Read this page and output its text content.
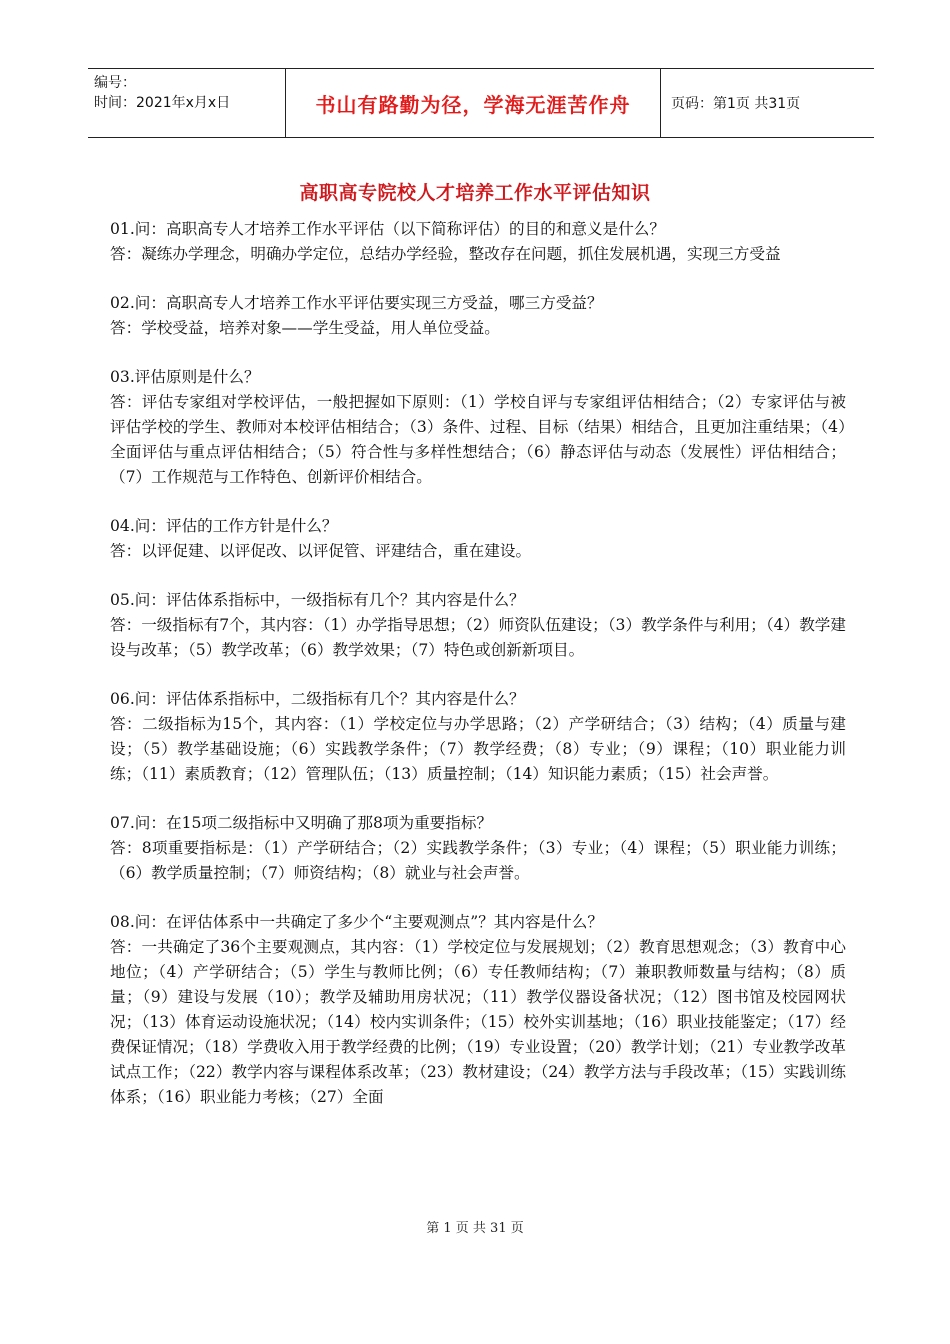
编号：
时间：2021年x月x日	书山有路勤为径，学海无涯苦作舟	页码：第1页 共31页
高职高专院校人才培养工作水平评估知识

01.问：高职高专人才培养工作水平评估（以下简称评估）的目的和意义是什么？

答：凝练办学理念，明确办学定位，总结办学经验，整改存在问题，抓住发展机遇，实现三方受益

02.问：高职高专人才培养工作水平评估要实现三方受益，哪三方受益？

答：学校受益，培养对象——学生受益，用人单位受益。

03.评估原则是什么？

答：评估专家组对学校评估，一般把握如下原则：（1）学校自评与专家组评估相结合；（2）专家评估与被评估学校的学生、教师对本校评估相结合；（3）条件、过程、目标（结果）相结合，且更加注重结果；（4）全面评估与重点评估相结合；（5）符合性与多样性想结合；（6）静态评估与动态（发展性）评估相结合；（7）工作规范与工作特色、创新评价相结合。

04.问：评估的工作方针是什么？

答：以评促建、以评促改、以评促管、评建结合，重在建设。

05.问：评估体系指标中，一级指标有几个？其内容是什么？

答：一级指标有7个，其内容：（1）办学指导思想；（2）师资队伍建设；（3）教学条件与利用；（4）教学建设与改革；（5）教学改革；（6）教学效果；（7）特色或创新新项目。

06.问：评估体系指标中，二级指标有几个？其内容是什么？

答：二级指标为15个，其内容：（1）学校定位与办学思路；（2）产学研结合；（3）结构；（4）质量与建设；（5）教学基础设施；（6）实践教学条件；（7）教学经费；（8）专业；（9）课程；（10）职业能力训练；（11）素质教育；（12）管理队伍；（13）质量控制；（14）知识能力素质；（15）社会声誉。

07.问：在15项二级指标中又明确了那8项为重要指标？

答：8项重要指标是：（1）产学研结合；（2）实践教学条件；（3）专业；（4）课程；（5）职业能力训练；（6）教学质量控制；（7）师资结构；（8）就业与社会声誉。

08.问：在评估体系中一共确定了多少个“主要观测点”？其内容是什么？

答：一共确定了36个主要观测点，其内容：（1）学校定位与发展规划；（2）教育思想观念；（3）教育中心地位；（4）产学研结合；（5）学生与教师比例；（6）专任教师结构；（7）兼职教师数量与结构；（8）质量；（9）建设与发展（10）；教学及辅助用房状况；（11）教学仪器设备状况；（12）图书馆及校园网状况；（13）体育运动设施状况；（14）校内实训条件；（15）校外实训基地；（16）职业技能鉴定；（17）经费保证情况；（18）学费收入用于教学经费的比例；（19）专业设置；（20）教学计划；（21）专业教学改革试点工作；（22）教学内容与课程体系改革；（23）教材建设；（24）教学方法与手段改革；（15）实践训练体系；（16）职业能力考核；（27）全面

第 1 页 共 31 页
